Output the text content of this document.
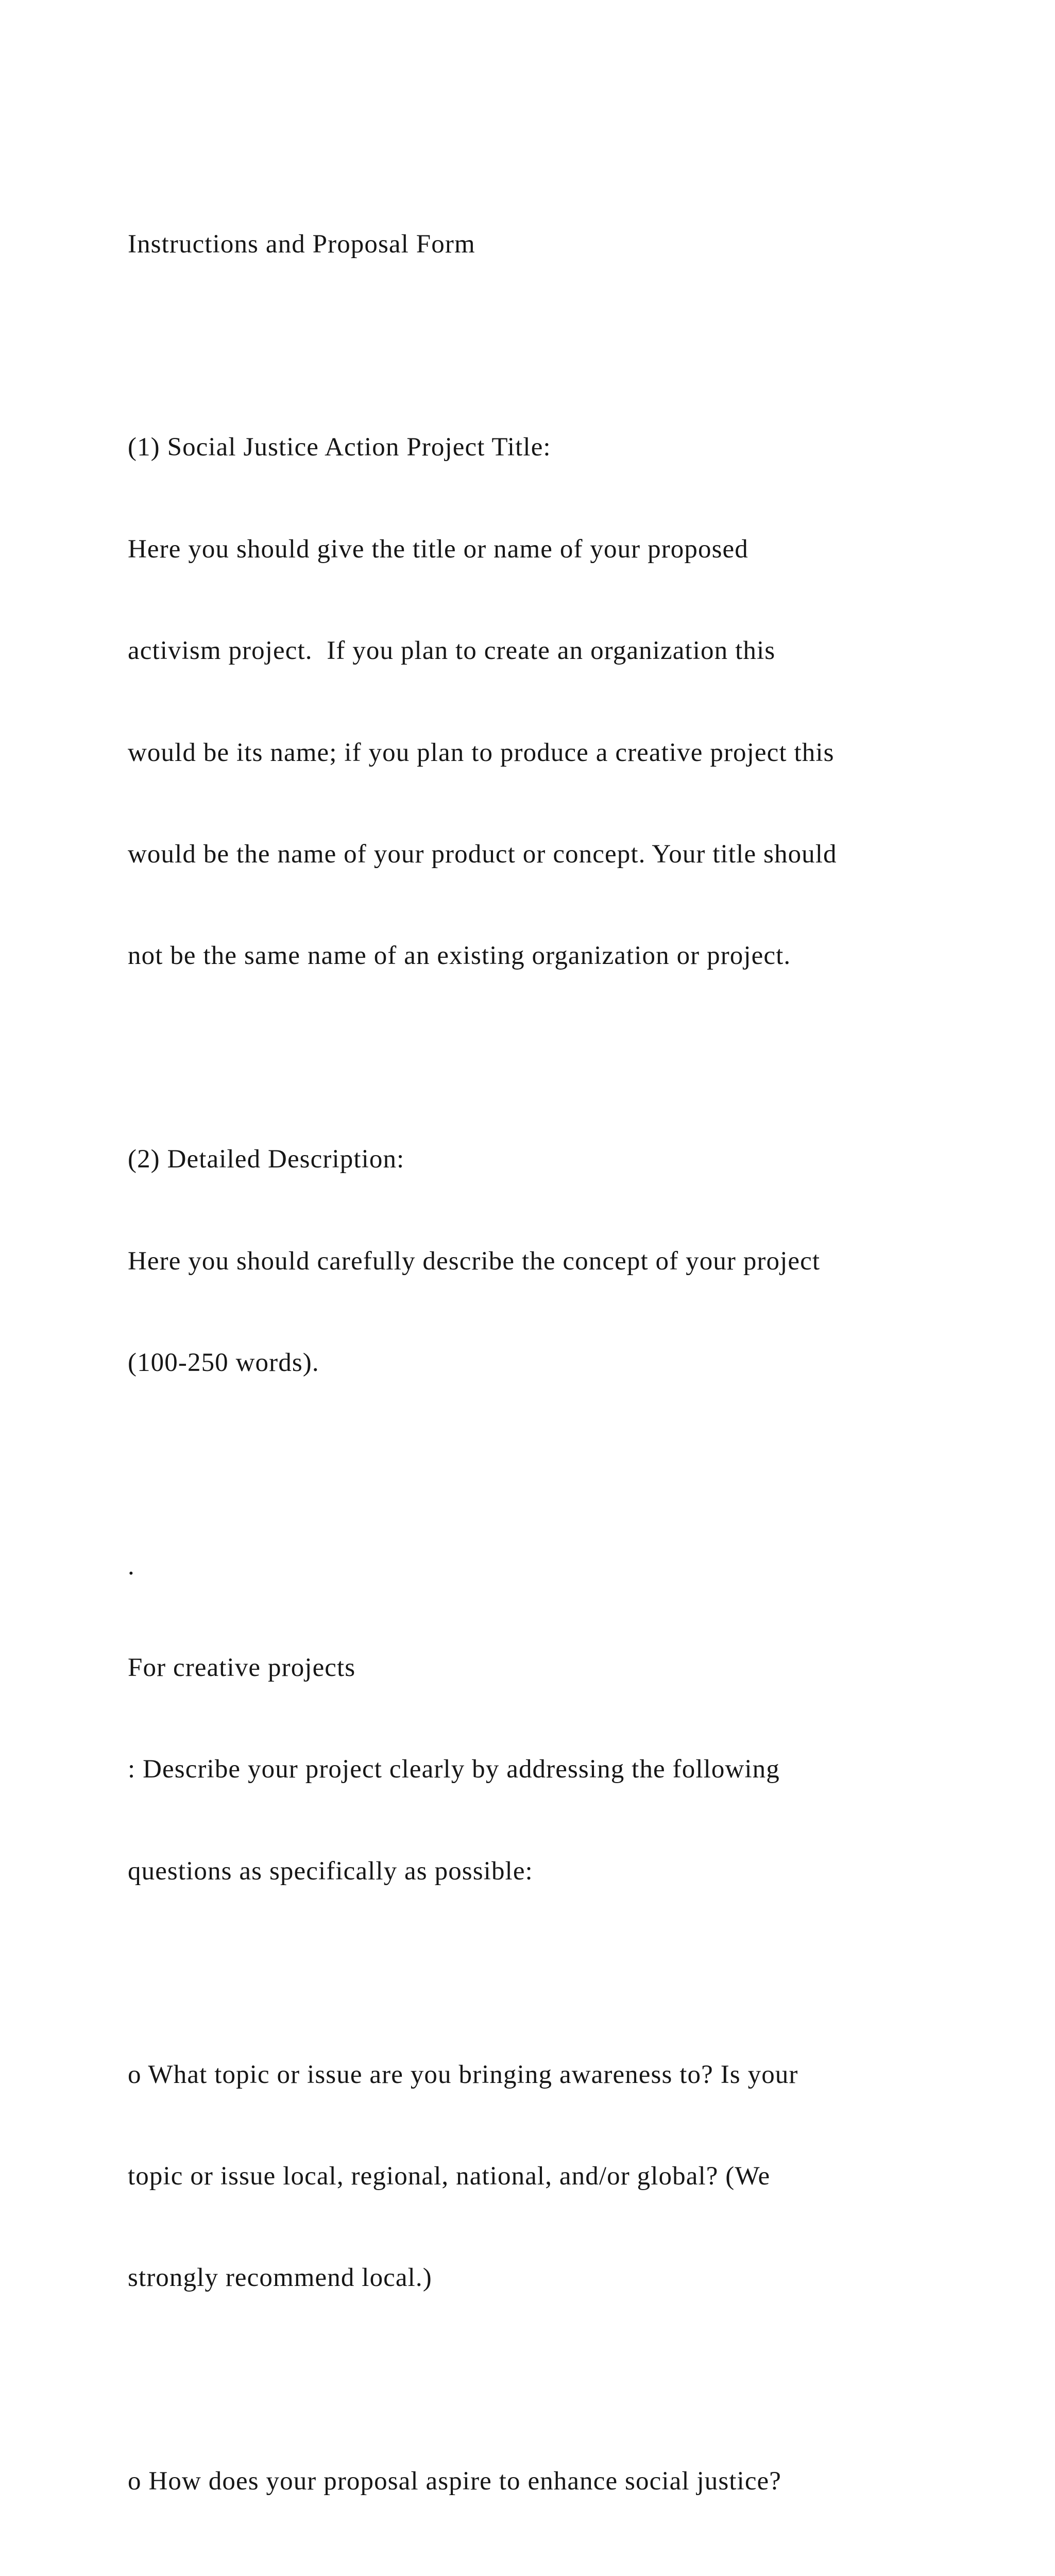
Instructions and Proposal Form

(1) Social Justice Action Project Title:

Here you should give the title or name of your proposed

activism project.  If you plan to create an organization this

would be its name; if you plan to produce a creative project this

would be the name of your product or concept. Your title should

not be the same name of an existing organization or project.

(2) Detailed Description:

Here you should carefully describe the concept of your project

(100-250 words).

.

For creative projects

: Describe your project clearly by addressing the following

questions as specifically as possible:

o What topic or issue are you bringing awareness to? Is your

topic or issue local, regional, national, and/or global? (We

strongly recommend local.)

o How does your proposal aspire to enhance social justice?
